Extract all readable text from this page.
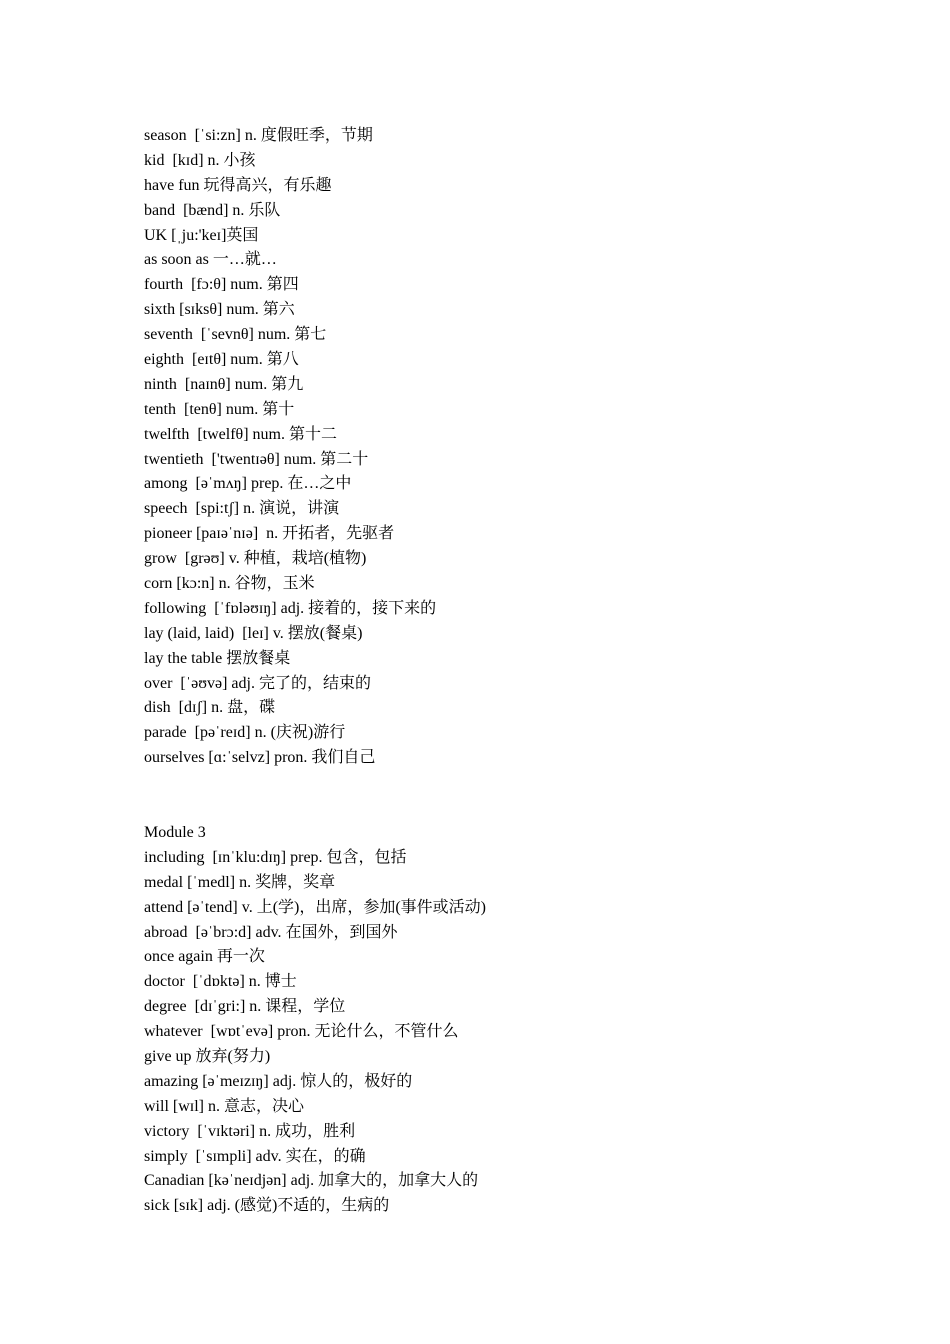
season  [ˈsi:zn] n. 度假旺季，节期
kid  [kɪd] n. 小孩
have fun 玩得高兴，有乐趣
band  [bænd] n. 乐队
UK [ˌju:'keɪ]英国
as soon as 一…就…
fourth  [fɔ:θ] num. 第四
sixth [sɪksθ] num. 第六
seventh  [ˈsevnθ] num. 第七
eighth  [eɪtθ] num. 第八
ninth  [naɪnθ] num. 第九
tenth  [tenθ] num. 第十
twelfth  [twelfθ] num. 第十二
twentieth  ['twentɪəθ] num. 第二十
among  [əˈmʌŋ] prep. 在…之中
speech  [spi:tʃ] n. 演说，讲演
pioneer [paɪəˈnɪə]  n. 开拓者，先驱者
grow  [grəʊ] v. 种植，栽培(植物)
corn [kɔ:n] n. 谷物，玉米
following  [ˈfɒləʊɪŋ] adj. 接着的，接下来的
lay (laid, laid)  [leɪ] v. 摆放(餐桌)
lay the table 摆放餐桌
over  [ˈəʊvə] adj. 完了的，结束的
dish  [dɪʃ] n. 盘，碟
parade  [pəˈreɪd] n. (庆祝)游行
ourselves [ɑ:ˈselvz] pron. 我们自己
Module 3
including  [ɪnˈklu:dɪŋ] prep. 包含，包括
medal [ˈmedl] n. 奖牌，奖章
attend [əˈtend] v. 上(学)，出席，参加(事件或活动)
abroad  [əˈbrɔ:d] adv. 在国外，到国外
once again 再一次
doctor  [ˈdɒktə] n. 博士
degree  [dɪˈgri:] n. 课程，学位
whatever  [wɒtˈevə] pron. 无论什么，不管什么
give up 放弃(努力)
amazing [əˈmeɪzɪŋ] adj. 惊人的，极好的
will [wɪl] n. 意志，决心
victory  [ˈvɪktəri] n. 成功，胜利
simply  [ˈsɪmpli] adv. 实在，的确
Canadian [kəˈneɪdjən] adj. 加拿大的，加拿大人的
sick [sɪk] adj. (感觉)不适的，生病的
